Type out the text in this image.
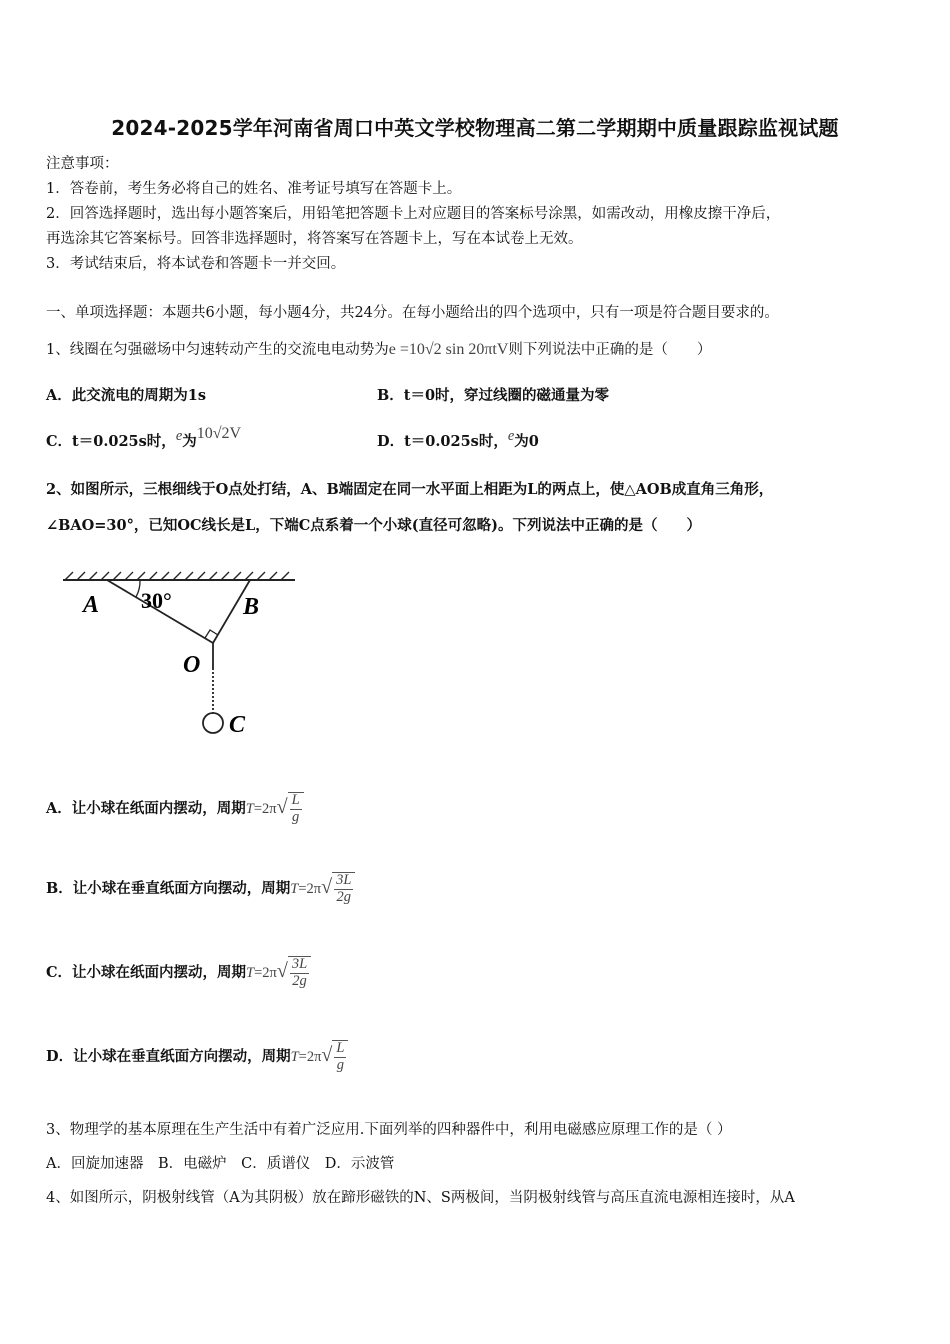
2024-2025学年河南省周口中英文学校物理高二第二学期期中质量跟踪监视试题
注意事项：
1．答卷前，考生务必将自己的姓名、准考证号填写在答题卡上。
2．回答选择题时，选出每小题答案后，用铅笔把答题卡上对应题目的答案标号涂黑，如需改动，用橡皮擦干净后，
再选涂其它答案标号。回答非选择题时，将答案写在答题卡上，写在本试卷上无效。
3．考试结束后，将本试卷和答题卡一并交回。
一、单项选择题：本题共6小题，每小题4分，共24分。在每小题给出的四个选项中，只有一项是符合题目要求的。
1、线圈在匀强磁场中匀速转动产生的交流电电动势为e =10√2 sin 20πtV则下列说法中正确的是（　　）
A．此交流电的周期为1s	B．t＝0时，穿过线圈的磁通量为零
C．t＝0.025s时，e为10√2V	D．t＝0.025s时，e为0
2、如图所示，三根细线于O点处打结，A、B端固定在同一水平面上相距为L的两点上，使△AOB成直角三角形，
∠BAO=30°，已知OC线长是L，下端C点系着一个小球(直径可忽略)。下列说法中正确的是（　　）
A 30°	B
O
C
A．让小球在纸面内摆动，周期$T=2\pi√ \frac{L}{g}$
B．让小球在垂直纸面方向摆动，周期$T=2\pi√ \frac{3L}{2g}$
C．让小球在纸面内摆动，周期$T=2\pi√ \frac{3L}{2g}$
D．让小球在垂直纸面方向摆动，周期$T=2\pi√ \frac{L}{g}$
3、物理学的基本原理在生产生活中有着广泛应用.下面列举的四种器件中，利用电磁感应原理工作的是（ ）
A．回旋加速器　B．电磁炉　C．质谱仪　D．示波管
4、如图所示，阴极射线管（A为其阴极）放在蹄形磁铁的N、S两极间，当阴极射线管与高压直流电源相连接时，从A
